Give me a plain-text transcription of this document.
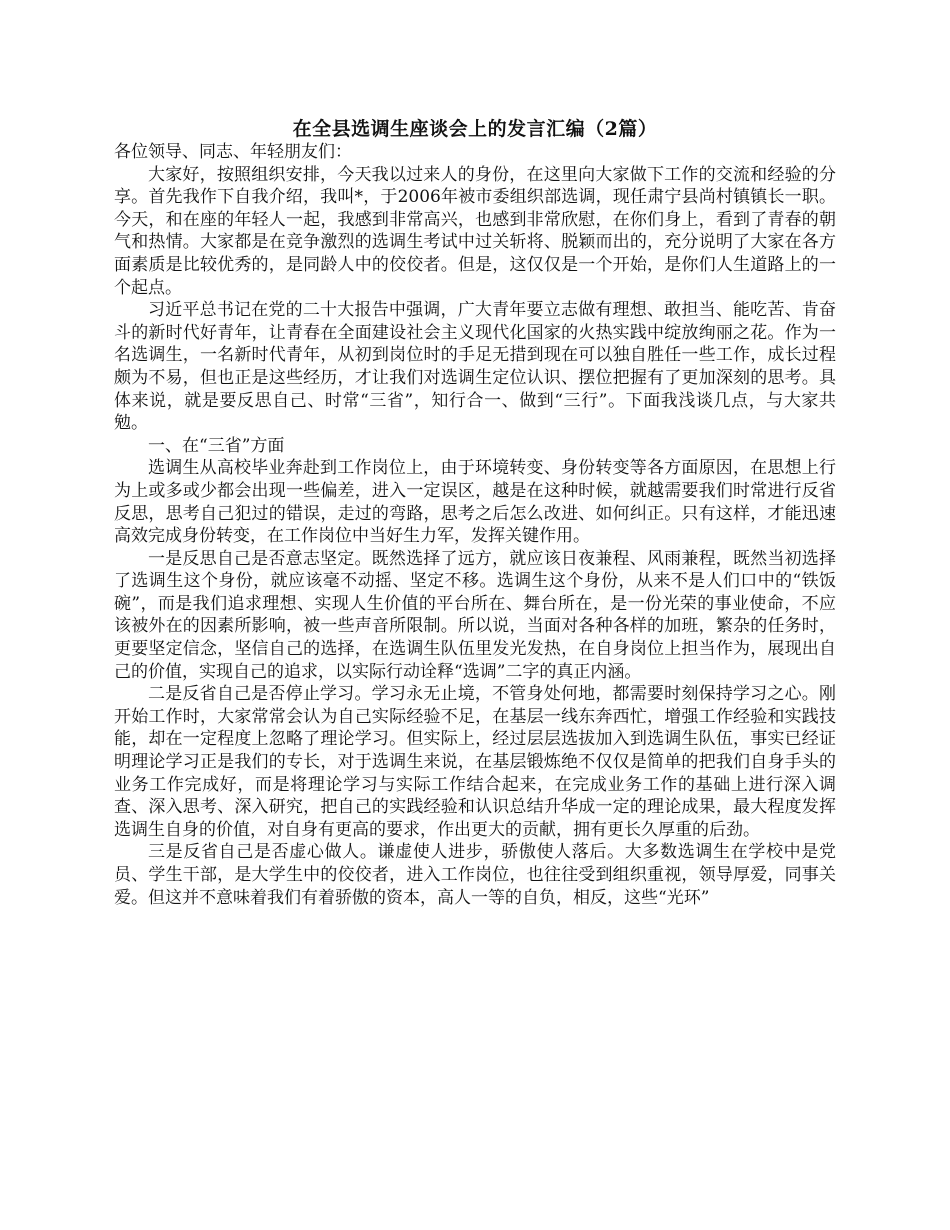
在全县选调生座谈会上的发言汇编（2篇）

各位领导、同志、年轻朋友们：

大家好，按照组织安排，今天我以过来人的身份，在这里向大家做下工作的交流和经验的分享。首先我作下自我介绍，我叫*，于2006年被市委组织部选调，现任肃宁县尚村镇镇长一职。今天，和在座的年轻人一起，我感到非常高兴，也感到非常欣慰，在你们身上，看到了青春的朝气和热情。大家都是在竞争激烈的选调生考试中过关斩将、脱颖而出的，充分说明了大家在各方面素质是比较优秀的，是同龄人中的佼佼者。但是，这仅仅是一个开始，是你们人生道路上的一个起点。

习近平总书记在党的二十大报告中强调，广大青年要立志做有理想、敢担当、能吃苦、肯奋斗的新时代好青年，让青春在全面建设社会主义现代化国家的火热实践中绽放绚丽之花。作为一名选调生，一名新时代青年，从初到岗位时的手足无措到现在可以独自胜任一些工作，成长过程颇为不易，但也正是这些经历，才让我们对选调生定位认识、摆位把握有了更加深刻的思考。具体来说，就是要反思自己、时常“三省”，知行合一、做到“三行”。下面我浅谈几点，与大家共勉。

一、在“三省”方面

选调生从高校毕业奔赴到工作岗位上，由于环境转变、身份转变等各方面原因，在思想上行为上或多或少都会出现一些偏差，进入一定误区，越是在这种时候，就越需要我们时常进行反省反思，思考自己犯过的错误，走过的弯路，思考之后怎么改进、如何纠正。只有这样，才能迅速高效完成身份转变，在工作岗位中当好生力军，发挥关键作用。

一是反思自己是否意志坚定。既然选择了远方，就应该日夜兼程、风雨兼程，既然当初选择了选调生这个身份，就应该毫不动摇、坚定不移。选调生这个身份，从来不是人们口中的“铁饭碗”，而是我们追求理想、实现人生价值的平台所在、舞台所在，是一份光荣的事业使命，不应该被外在的因素所影响，被一些声音所限制。所以说，当面对各种各样的加班，繁杂的任务时，更要坚定信念，坚信自己的选择，在选调生队伍里发光发热，在自身岗位上担当作为，展现出自己的价值，实现自己的追求，以实际行动诠释“选调”二字的真正内涵。

二是反省自己是否停止学习。学习永无止境，不管身处何地，都需要时刻保持学习之心。刚开始工作时，大家常常会认为自己实际经验不足，在基层一线东奔西忙，增强工作经验和实践技能，却在一定程度上忽略了理论学习。但实际上，经过层层选拔加入到选调生队伍，事实已经证明理论学习正是我们的专长，对于选调生来说，在基层锻炼绝不仅仅是简单的把我们自身手头的业务工作完成好，而是将理论学习与实际工作结合起来，在完成业务工作的基础上进行深入调查、深入思考、深入研究，把自己的实践经验和认识总结升华成一定的理论成果，最大程度发挥选调生自身的价值，对自身有更高的要求，作出更大的贡献，拥有更长久厚重的后劲。

三是反省自己是否虚心做人。谦虚使人进步，骄傲使人落后。大多数选调生在学校中是党员、学生干部，是大学生中的佼佼者，进入工作岗位，也往往受到组织重视，领导厚爱，同事关爱。但这并不意味着我们有着骄傲的资本，高人一等的自负，相反，这些“光环”
